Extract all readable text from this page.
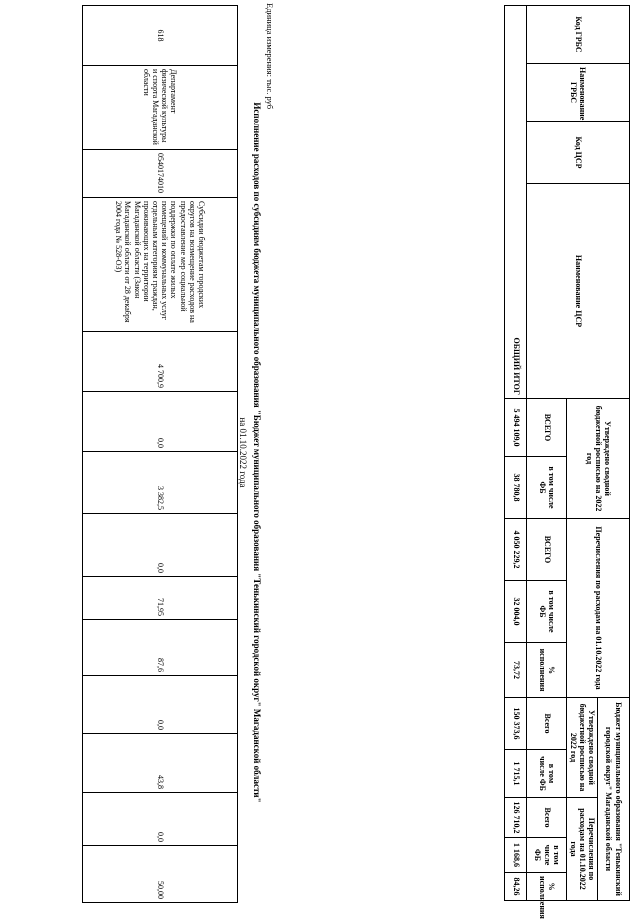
618	Департамент физической культуры и спорта Магаданской области	0540174010	Субсидии бюджетам городских округов на возмещение расходов на предоставление мер социальной поддержки по оплате жилых помещений и коммунальных услуг отдельным категориям граждан, проживающих на территории Магаданской области (Закон Магаданской области от 28 декабря 2004 года № 528-ОЗ)	4 700,9	0,0	3 382,5	0,0	71,95	87,6	0,0	43,8	0,0	50,00
Исполнение расходов по субсидиям бюджета муниципального образования "Бюджет муниципального образования "Тенькинский городской округ" Магаданской области"
на 01.10.2022 года
Единица измерения: тыс. руб	Код ГРБС	Наименование ГРБС	Код ЦСР	Наименование ЦСР	Утверждено сводной бюджетной росписью на 2022 год		Перечисления по расходам на 01.10.2022 года			Бюджет муниципального образования "Тенькинский городской округ" Магаданской области				
									Утверждено сводной бюджетной росписью на 2022 год		Перечисления по расходам на 01.10.2022 года		
				ВСЕГО	в том числе ФБ	ВСЕГО	в том числе ФБ	% исполнения	Всего	в том числе ФБ	Всего	в том числе ФБ	% исполнения
ОБЩИЙ ИТОГ				5 494 109,0	38 780,8	4 050 229,2	32 004,0	73,72	150 373,6	1 715,1	126 710,2	1 168,6	84,26
